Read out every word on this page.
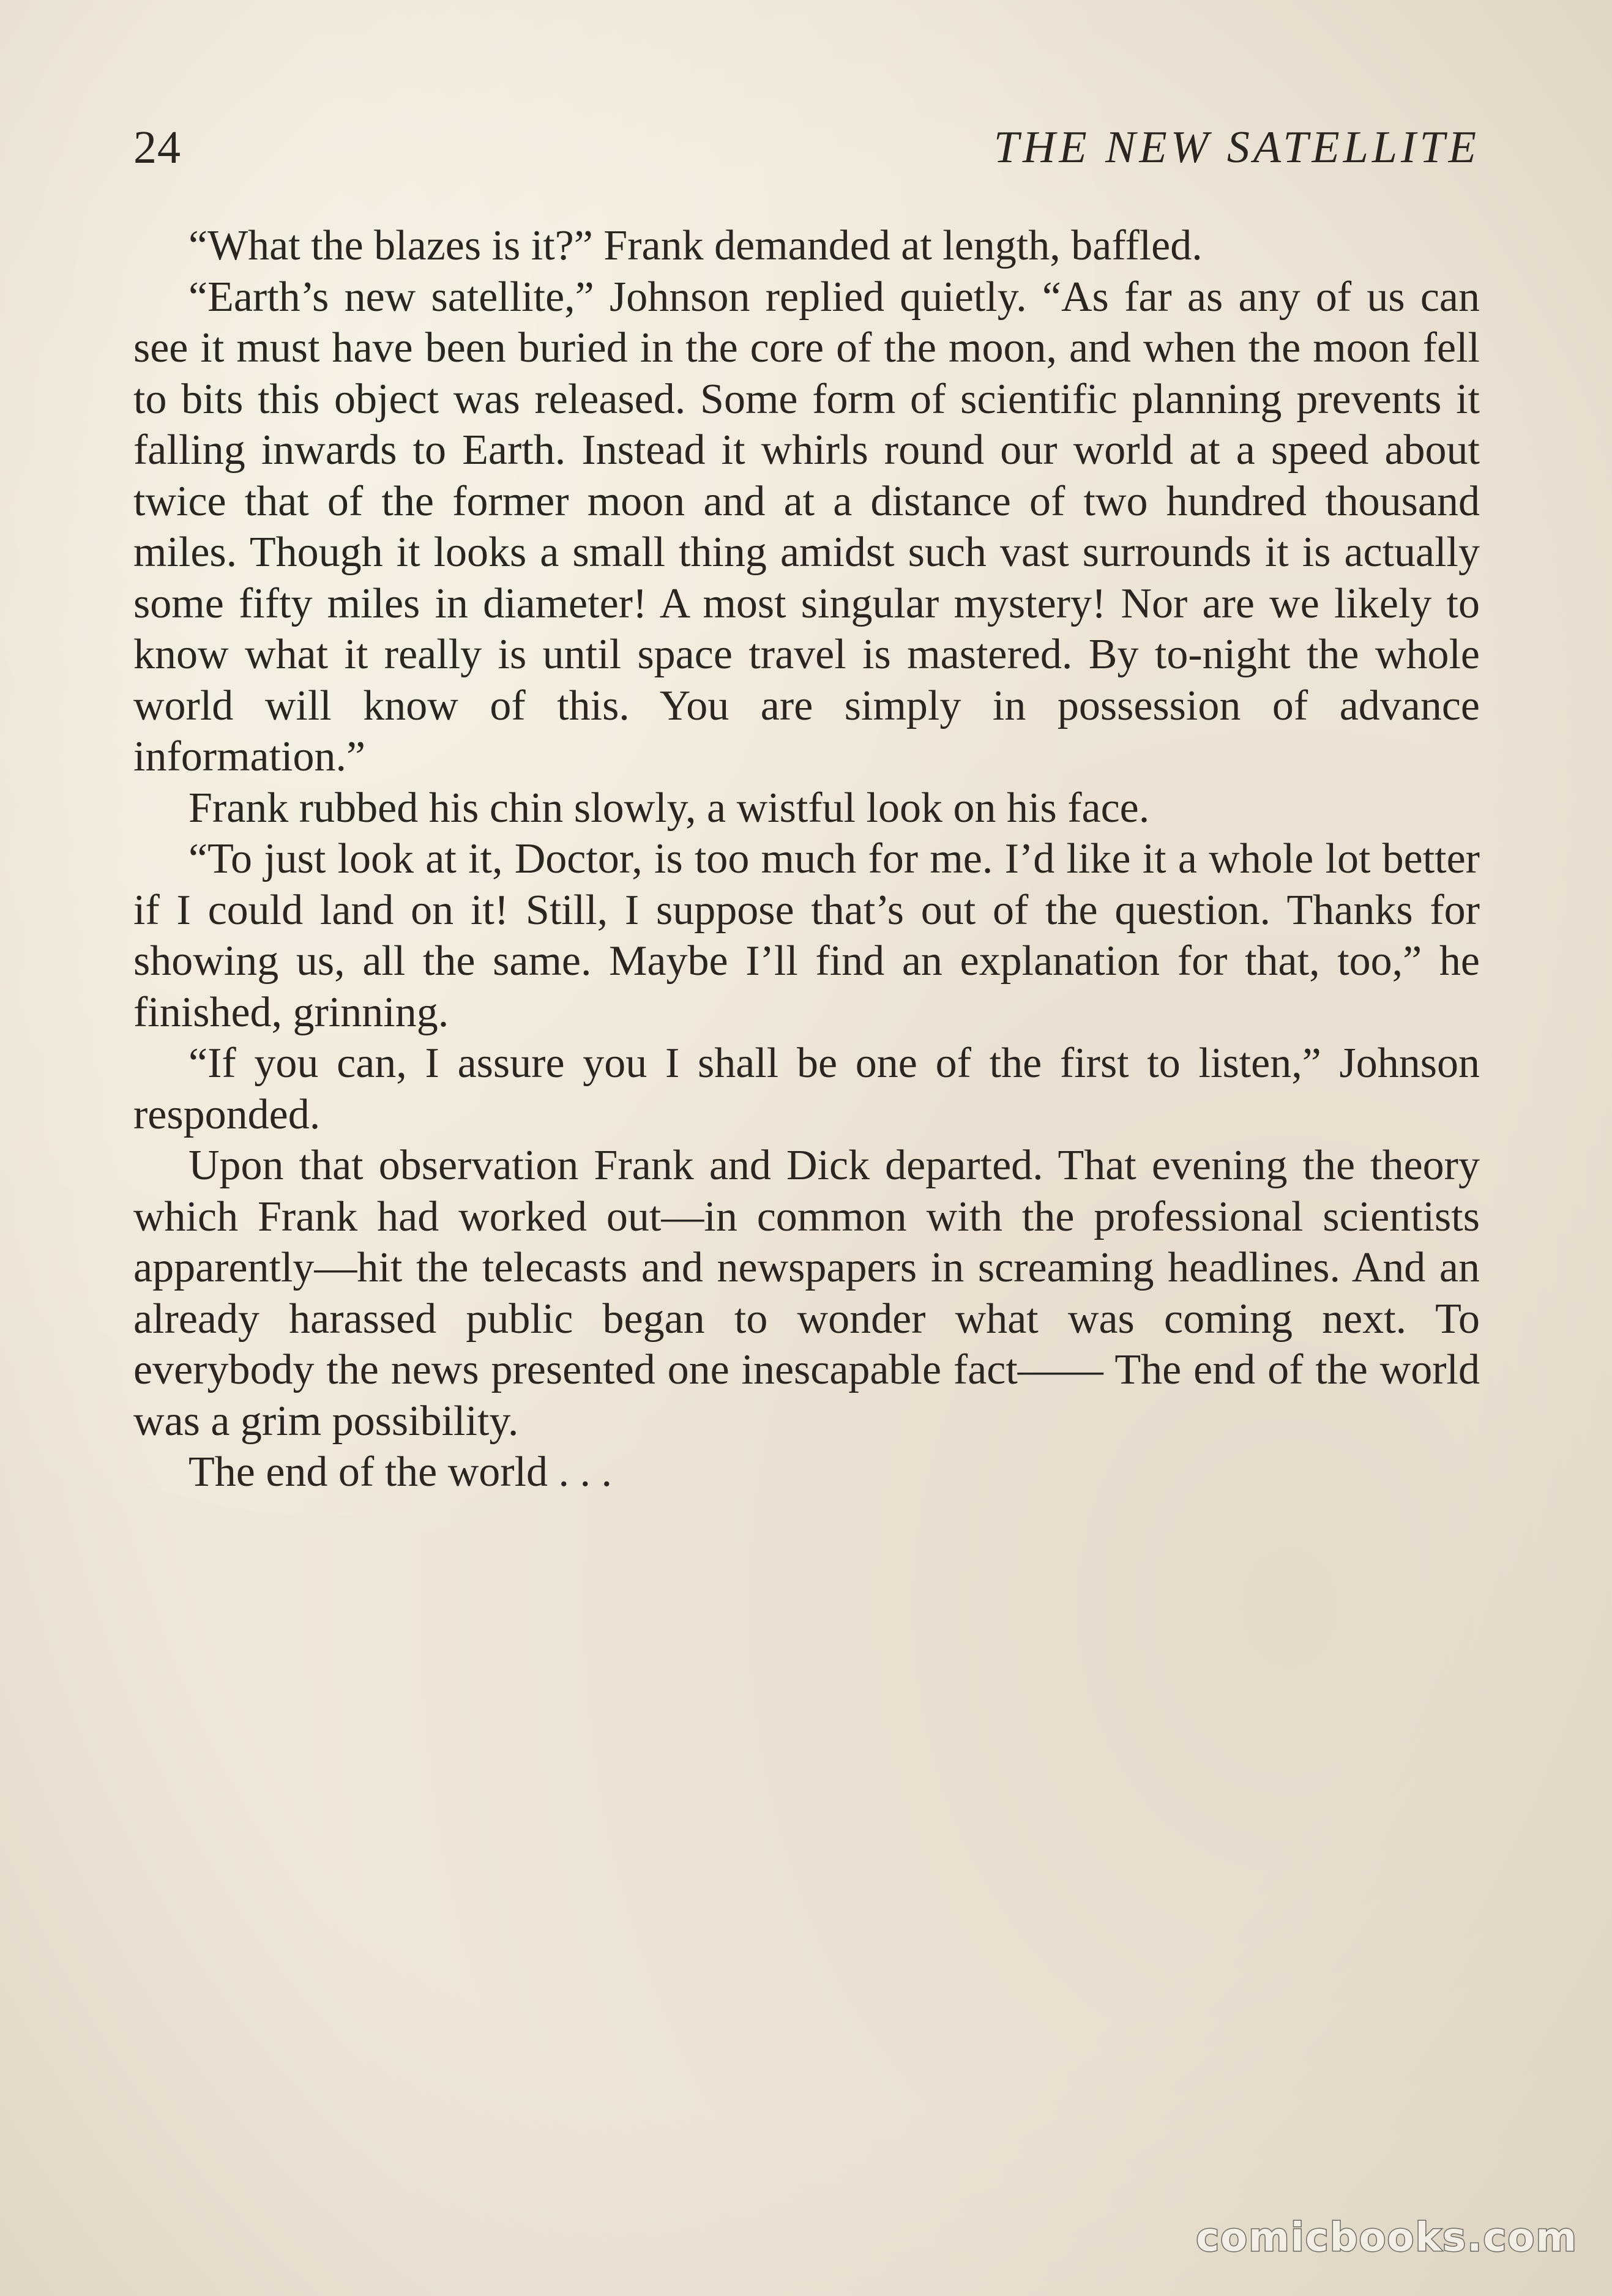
24	THE NEW SATELLITE

“What the blazes is it?” Frank demanded at length, baffled.

“Earth’s new satellite,” Johnson replied quietly. “As far as any of us can see it must have been buried in the core of the moon, and when the moon fell to bits this object was released. Some form of scientific planning prevents it falling inwards to Earth. Instead it whirls round our world at a speed about twice that of the former moon and at a distance of two hundred thousand miles. Though it looks a small thing amidst such vast surrounds it is actually some fifty miles in diameter! A most singular mystery! Nor are we likely to know what it really is until space travel is mastered. By to-night the whole world will know of this. You are simply in possession of advance information.”

Frank rubbed his chin slowly, a wistful look on his face.

“To just look at it, Doctor, is too much for me. I’d like it a whole lot better if I could land on it! Still, I suppose that’s out of the question. Thanks for showing us, all the same. Maybe I’ll find an explanation for that, too,” he finished, grinning.

“If you can, I assure you I shall be one of the first to listen,” Johnson responded.

Upon that observation Frank and Dick departed. That evening the theory which Frank had worked out—in common with the professional scientists apparently—hit the telecasts and newspapers in screaming headlines. And an already harassed public began to wonder what was coming next. To everybody the news presented one inescapable fact—— The end of the world was a grim possibility.

The end of the world . . .

comicbooks.com
